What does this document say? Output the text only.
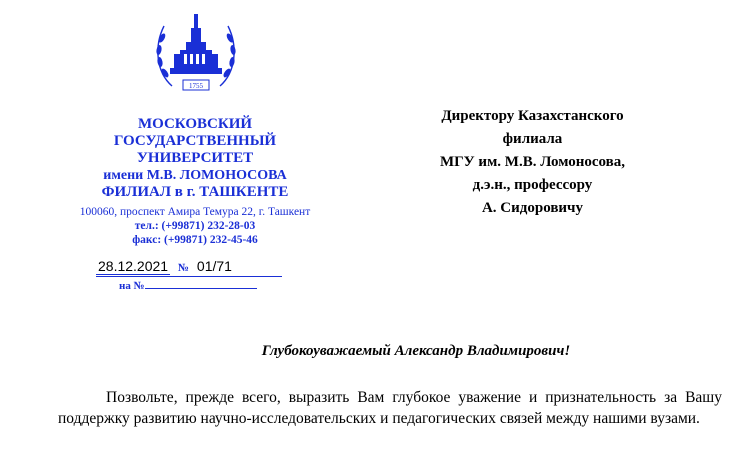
1755
МОСКОВСКИЙ
ГОСУДАРСТВЕННЫЙ
УНИВЕРСИТЕТ
имени М.В. ЛОМОНОСОВА
ФИЛИАЛ в г. ТАШКЕНТЕ
100060, проспект Амира Темура 22, г. Ташкент
тел.: (+99871) 232-28-03
факс: (+99871) 232-45-46
28.12.2021 № 01/71
на №
Директору Казахстанского
филиала
МГУ им. М.В. Ломоносова,
д.э.н., профессору
А. Сидоровичу
Глубокоуважаемый Александр Владимирович!
Позвольте, прежде всего, выразить Вам глубокое уважение и признательность за Вашу поддержку развитию научно-исследовательских и педагогических связей между нашими вузами.
